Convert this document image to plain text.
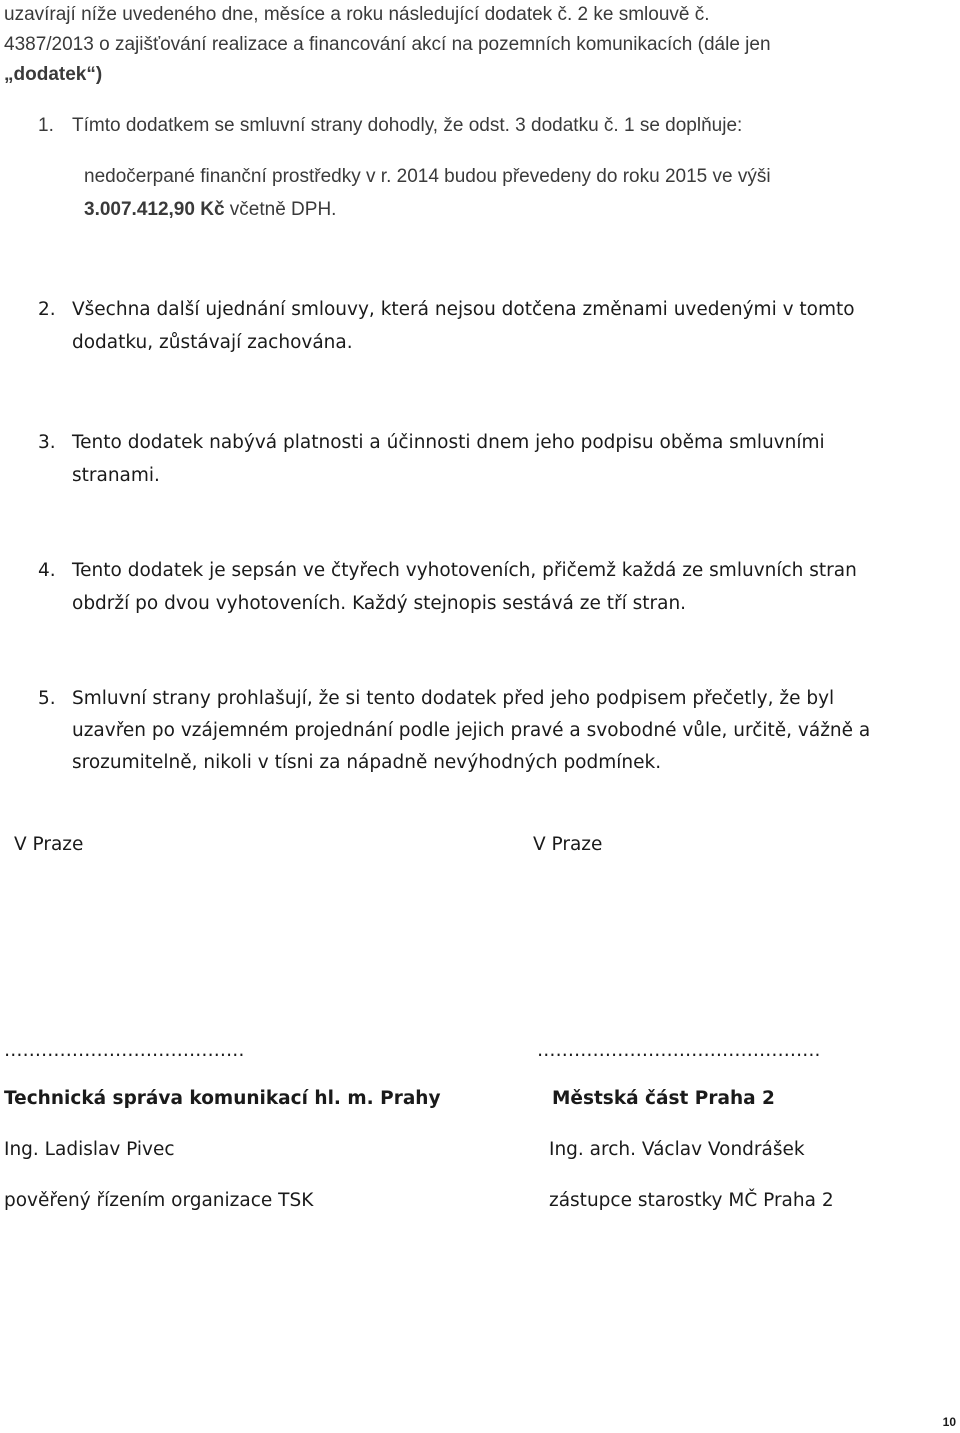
uzavírají níže uvedeného dne, měsíce a roku následující dodatek č. 2 ke smlouvě č.
4387/2013 o zajišťování realizace a financování akcí na pozemních komunikacích (dále jen
„dodatek“)
1. Tímto dodatkem se smluvní strany dohodly, že odst. 3 dodatku č. 1 se doplňuje:
nedočerpané finanční prostředky v r. 2014 budou převedeny do roku 2015 ve výši
3.007.412,90 Kč včetně DPH.
2. Všechna další ujednání smlouvy, která nejsou dotčena změnami uvedenými v tomto
dodatku, zůstávají zachována.
3. Tento dodatek nabývá platnosti a účinnosti dnem jeho podpisu oběma smluvními
stranami.
4. Tento dodatek je sepsán ve čtyřech vyhotoveních, přičemž každá ze smluvních stran
obdrží po dvou vyhotoveních. Každý stejnopis sestává ze tří stran.
5. Smluvní strany prohlašují, že si tento dodatek před jeho podpisem přečetly, že byl
uzavřen po vzájemném projednání podle jejich pravé a svobodné vůle, určitě, vážně a
srozumitelně, nikoli v tísni za nápadně nevýhodných podmínek.
V Praze	V Praze
…………………………………	……………………………………….
Technická správa komunikací hl. m. Prahy	Městská část Praha 2
Ing. Ladislav Pivec	Ing. arch. Václav Vondrášek
pověřený řízením organizace TSK	zástupce starostky MČ Praha 2
10
